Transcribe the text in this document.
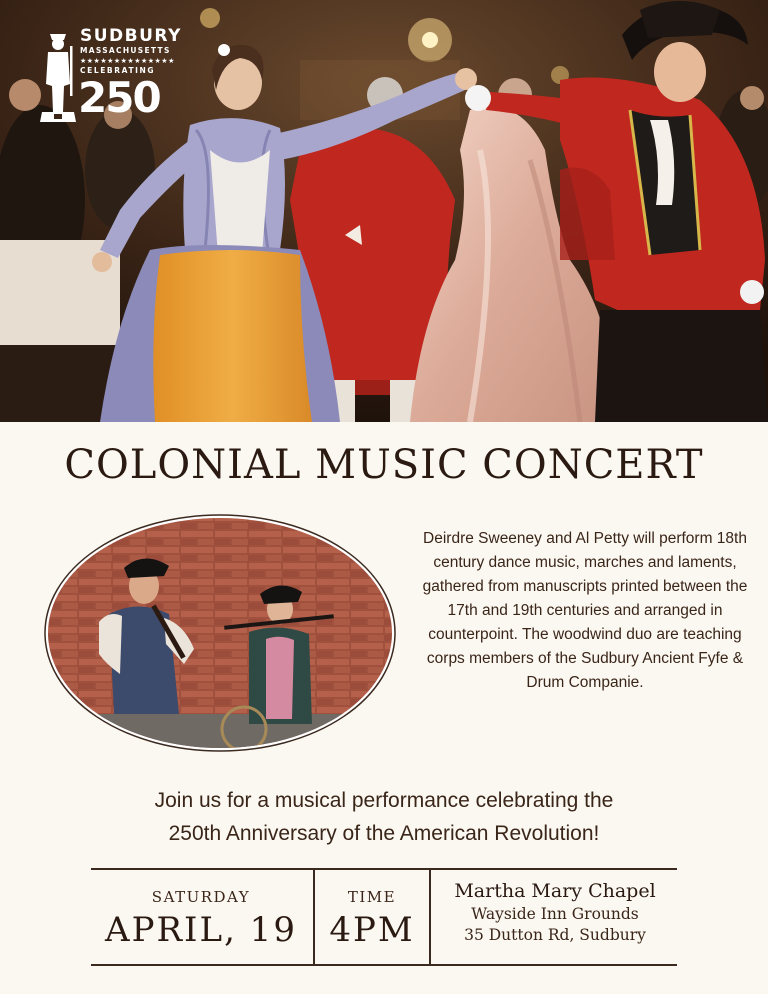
SUDBURY
MASSACHUSETTS
★★★★★★★★★★★★★★
CELEBRATING
250
COLONIAL MUSIC CONCERT

Deirdre Sweeney and Al Petty will perform 18th century dance music, marches and laments, gathered from manuscripts printed between the 17th and 19th centuries and arranged in counterpoint. The woodwind duo are teaching corps members of the Sudbury Ancient Fyfe & Drum Companie.

Join us for a musical performance celebrating the
250th Anniversary of the American Revolution!
SATURDAY
APRIL, 19
TIME
4PM
Martha Mary Chapel
Wayside Inn Grounds
35 Dutton Rd, Sudbury
